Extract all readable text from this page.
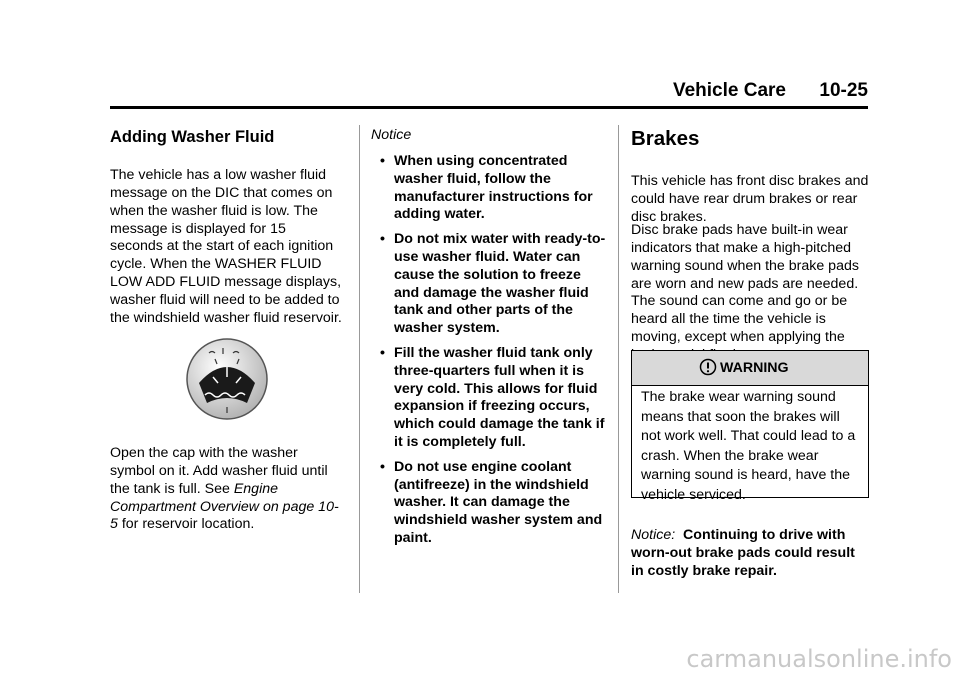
Vehicle Care 10-25
Adding Washer Fluid

The vehicle has a low washer fluid message on the DIC that comes on when the washer fluid is low. The message is displayed for 15 seconds at the start of each ignition cycle. When the WASHER FLUID LOW ADD FLUID message displays, washer fluid will need to be added to the windshield washer fluid reservoir.

Open the cap with the washer symbol on it. Add washer fluid until the tank is full. See Engine Compartment Overview on page 10-5 for reservoir location.

Notice
• When using concentrated washer fluid, follow the manufacturer instructions for adding water.
• Do not mix water with ready-to-use washer fluid. Water can cause the solution to freeze and damage the washer fluid tank and other parts of the washer system.
• Fill the washer fluid tank only three-quarters full when it is very cold. This allows for fluid expansion if freezing occurs, which could damage the tank if it is completely full.
• Do not use engine coolant (antifreeze) in the windshield washer. It can damage the windshield washer system and paint.
Brakes

This vehicle has front disc brakes and could have rear drum brakes or rear disc brakes.

Disc brake pads have built-in wear indicators that make a high-pitched warning sound when the brake pads are worn and new pads are needed. The sound can come and go or be heard all the time the vehicle is moving, except when applying the

WARNING
The brake wear warning sound means that soon the brakes will not work well. That could lead to a crash. When the brake wear warning sound is heard, have the vehicle serviced.

Notice: Continuing to drive with worn-out brake pads could result in costly brake repair.

carmanualsonline.info
